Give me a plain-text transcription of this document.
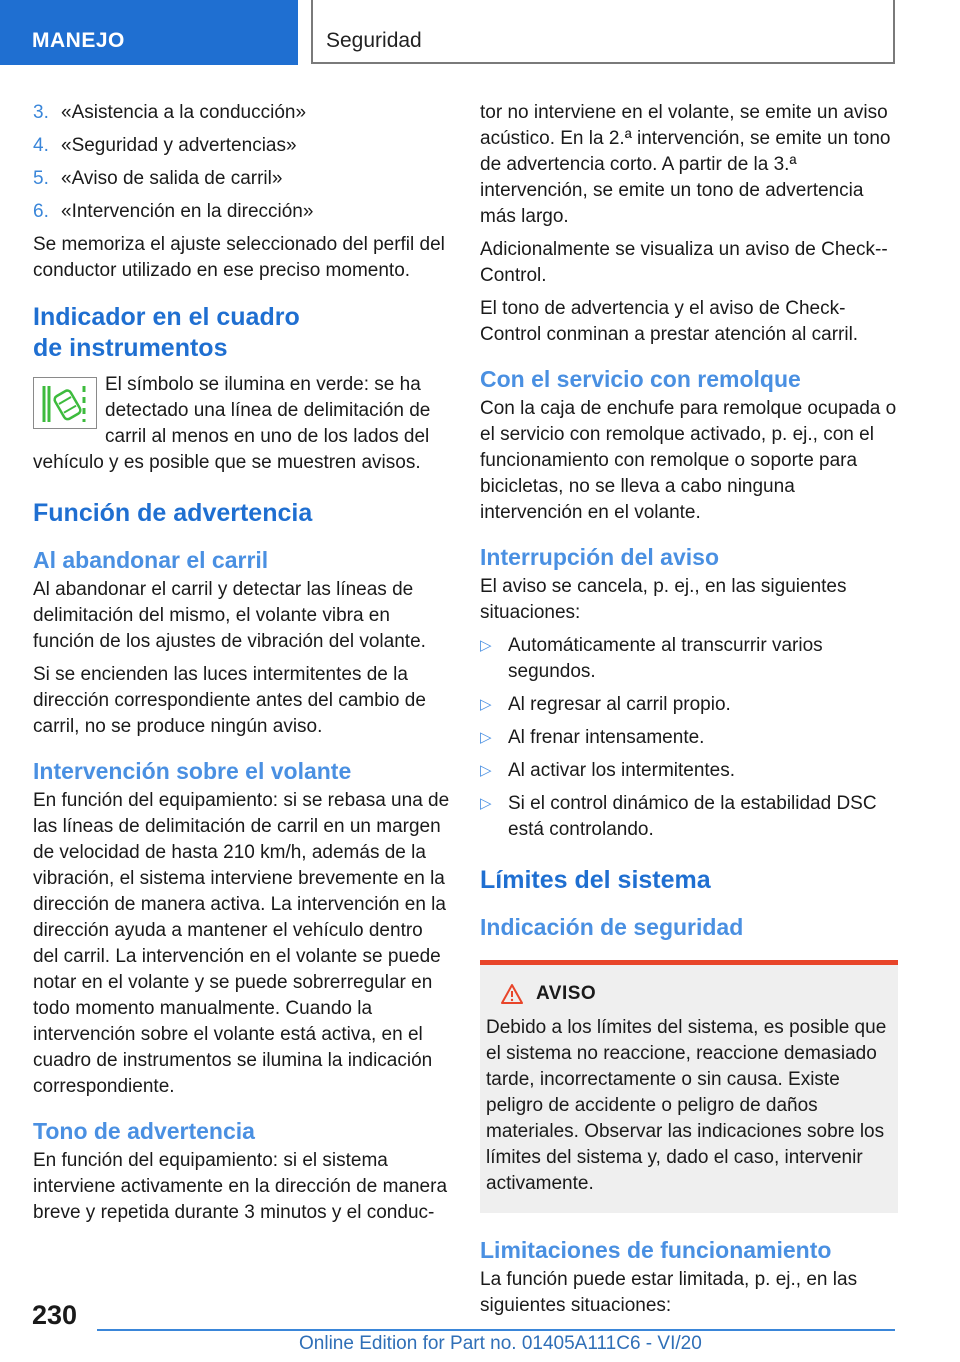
MANEJO	Seguridad
3. «Asistencia a la conducción»
4. «Seguridad y advertencias»
5. «Aviso de salida de carril»
6. «Intervención en la dirección»

Se memoriza el ajuste seleccionado del perfil del conductor utilizado en ese preciso momento.

Indicador en el cuadro
de instrumentos

El símbolo se ilumina en verde: se ha detectado una línea de delimitación de carril al menos en uno de los lados del vehículo y es posible que se muestren avisos.

Función de advertencia
Al abandonar el carril

Al abandonar el carril y detectar las líneas de delimitación del mismo, el volante vibra en función de los ajustes de vibración del volante.

Si se encienden las luces intermitentes de la dirección correspondiente antes del cambio de carril, no se produce ningún aviso.

Intervención sobre el volante

En función del equipamiento: si se rebasa una de las líneas de delimitación de carril en un margen de velocidad de hasta 210 km/h, además de la vibración, el sistema interviene brevemente en la dirección de manera activa. La intervención en la dirección ayuda a mantener el vehículo dentro del carril. La intervención en el volante se puede notar en el volante y se puede sobrerregular en todo momento manualmente. Cuando la intervención sobre el volante está activa, en el cuadro de instrumentos se ilumina la indicación correspondiente.

Tono de advertencia

En función del equipamiento: si el sistema interviene activamente en la dirección de manera breve y repetida durante 3 minutos y el conduc-

tor no interviene en el volante, se emite un aviso acústico. En la 2.ª intervención, se emite un tono de advertencia corto. A partir de la 3.ª intervención, se emite un tono de advertencia más largo.

Adicionalmente se visualiza un aviso de Check--Control.

El tono de advertencia y el aviso de Check-Control conminan a prestar atención al carril.

Con el servicio con remolque

Con la caja de enchufe para remolque ocupada o el servicio con remolque activado, p. ej., con el funcionamiento con remolque o soporte para bicicletas, no se lleva a cabo ninguna intervención en el volante.

Interrupción del aviso

El aviso se cancela, p. ej., en las siguientes situaciones:

▷ Automáticamente al transcurrir varios segundos.
▷ Al regresar al carril propio.
▷ Al frenar intensamente.
▷ Al activar los intermitentes.
▷ Si el control dinámico de la estabilidad DSC está controlando.
Límites del sistema
Indicación de seguridad
AVISO
Debido a los límites del sistema, es posible que el sistema no reaccione, reaccione demasiado tarde, incorrectamente o sin causa. Existe peligro de accidente o peligro de daños materiales. Observar las indicaciones sobre los límites del sistema y, dado el caso, intervenir activamente.
Limitaciones de funcionamiento

La función puede estar limitada, p. ej., en las siguientes situaciones:

230
Online Edition for Part no. 01405A111C6 - VI/20
